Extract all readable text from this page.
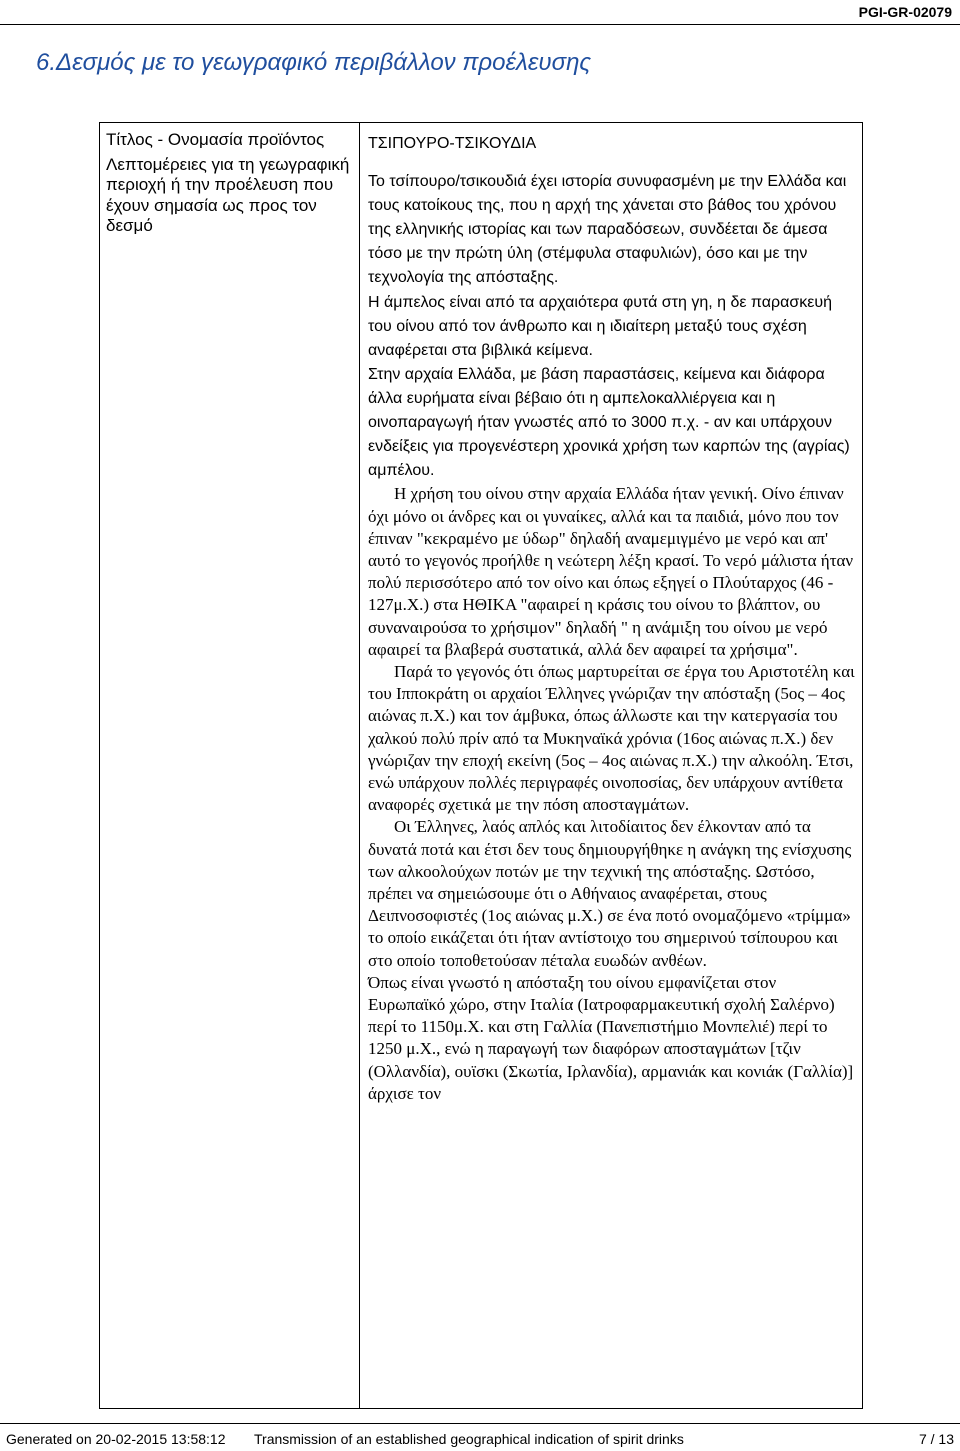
PGI-GR-02079
6.Δεσμός με το γεωγραφικό περιβάλλον προέλευσης

Τίτλος - Ονομασία προϊόντος

Λεπτομέρειες για τη γεωγραφική περιοχή ή την προέλευση που έχουν σημασία ως προς τον δεσμό

ΤΣΙΠΟΥΡΟ-ΤΣΙΚΟΥΔΙΑ

Το τσίπουρο/τσικουδιά έχει ιστορία συνυφασμένη με την Ελλάδα και τους κατοίκους της, που η αρχή της χάνεται στο βάθος του χρόνου της ελληνικής ιστορίας και των παραδόσεων, συνδέεται δε άμεσα τόσο με την πρώτη ύλη (στέμφυλα σταφυλιών), όσο και με την τεχνολογία της απόσταξης.

Η άμπελος είναι από τα αρχαιότερα φυτά στη γη, η δε παρασκευή του οίνου από τον άνθρωπο και η ιδιαίτερη μεταξύ τους σχέση αναφέρεται στα βιβλικά κείμενα.

Στην αρχαία Ελλάδα, με βάση παραστάσεις, κείμενα και διάφορα άλλα ευρήματα είναι βέβαιο ότι η αμπελοκαλλιέργεια και η οινοπαραγωγή ήταν γνωστές από το 3000 π.χ. - αν και υπάρχουν ενδείξεις για προγενέστερη χρονικά χρήση των καρπών της (αγρίας) αμπέλου.

Η χρήση του οίνου στην αρχαία Ελλάδα ήταν γενική. Οίνο έπιναν όχι μόνο οι άνδρες και οι γυναίκες, αλλά και τα παιδιά, μόνο που τον έπιναν "κεκραμένο με ύδωρ" δηλαδή αναμεμιγμένο με νερό και απ' αυτό το γεγονός προήλθε η νεώτερη λέξη κρασί. Το νερό μάλιστα ήταν πολύ περισσότερο από τον οίνο και όπως εξηγεί ο Πλούταρχος (46 - 127μ.Χ.) στα ΗΘΙΚΑ "αφαιρεί η κράσις του οίνου το βλάπτον, ου συναναιρούσα το χρήσιμον" δηλαδή " η ανάμιξη του οίνου με νερό αφαιρεί τα βλαβερά συστατικά, αλλά δεν αφαιρεί τα χρήσιμα".

Παρά το γεγονός ότι όπως μαρτυρείται σε έργα του Αριστοτέλη και του Ιπποκράτη οι αρχαίοι Έλληνες γνώριζαν την απόσταξη (5ος – 4ος αιώνας π.Χ.) και τον άμβυκα, όπως άλλωστε και την κατεργασία του χαλκού πολύ πρίν από τα Μυκηναϊκά χρόνια (16ος αιώνας π.Χ.) δεν γνώριζαν την εποχή εκείνη (5ος – 4ος αιώνας π.Χ.) την αλκοόλη. Έτσι, ενώ υπάρχουν πολλές περιγραφές οινοποσίας, δεν υπάρχουν αντίθετα αναφορές σχετικά με την πόση αποσταγμάτων.

Οι Έλληνες, λαός απλός και λιτοδίαιτος δεν έλκονταν από τα δυνατά ποτά και έτσι δεν τους δημιουργήθηκε η ανάγκη της ενίσχυσης των αλκοολούχων ποτών με την τεχνική της απόσταξης. Ωστόσο, πρέπει να σημειώσουμε ότι ο Αθήναιος αναφέρεται, στους Δειπνοσοφιστές (1ος αιώνας μ.Χ.) σε ένα ποτό ονομαζόμενο «τρίμμα» το οποίο εικάζεται ότι ήταν αντίστοιχο του σημερινού τσίπουρου και στο οποίο τοποθετούσαν πέταλα ευωδών ανθέων.

Όπως είναι γνωστό η απόσταξη του οίνου εμφανίζεται στον Ευρωπαϊκό χώρο, στην Ιταλία (Ιατροφαρμακευτική σχολή Σαλέρνο) περί το 1150μ.Χ. και στη Γαλλία (Πανεπιστήμιο Μονπελιέ) περί το 1250 μ.Χ., ενώ η παραγωγή των διαφόρων αποσταγμάτων [τζιν (Ολλανδία), ουϊσκι (Σκωτία, Ιρλανδία), αρμανιάκ και κονιάκ (Γαλλία)] άρχισε τον

Generated on 20-02-2015 13:58:12 Transmission of an established geographical indication of spirit drinks	7 / 13
